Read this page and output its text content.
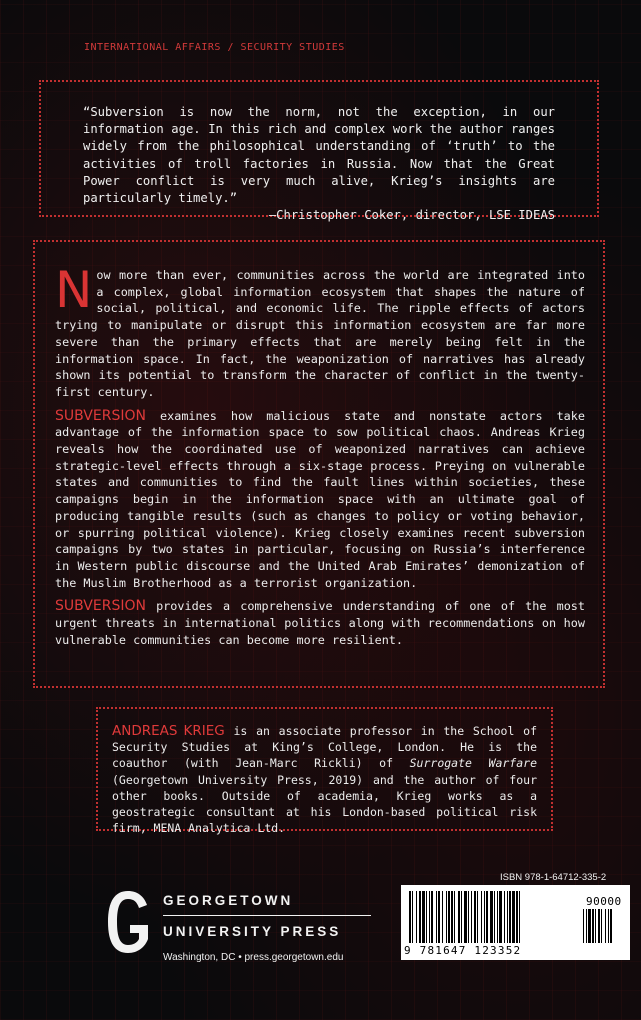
INTERNATIONAL AFFAIRS / SECURITY STUDIES

“Subversion is now the norm, not the exception, in our information age. In this rich and complex work the author ranges widely from the philosophical understanding of ‘truth’ to the activities of troll factories in Russia. Now that the Great Power conflict is very much alive, Krieg’s insights are particularly timely.”

—Christopher Coker, director, LSE IDEAS

Now more than ever, communities across the world are integrated into a complex, global information ecosystem that shapes the nature of social, political, and economic life. The ripple effects of actors trying to manipulate or disrupt this information ecosystem are far more severe than the primary effects that are merely being felt in the information space. In fact, the weaponization of narratives has already shown its potential to transform the character of conflict in the twenty-first century.

SUBVERSION examines how malicious state and nonstate actors take advantage of the information space to sow political chaos. Andreas Krieg reveals how the coordinated use of weaponized narratives can achieve strategic-level effects through a six-stage process. Preying on vulnerable states and communities to find the fault lines within societies, these campaigns begin in the information space with an ultimate goal of producing tangible results (such as changes to policy or voting behavior, or spurring political violence). Krieg closely examines recent subversion campaigns by two states in particular, focusing on Russia’s interference in Western public discourse and the United Arab Emirates’ demonization of the Muslim Brotherhood as a terrorist organization.

SUBVERSION provides a comprehensive understanding of one of the most urgent threats in international politics along with recommendations on how vulnerable communities can become more resilient.

ANDREAS KRIEG is an associate professor in the School of Security Studies at King’s College, London. He is the coauthor (with Jean-Marc Rickli) of Surrogate Warfare (Georgetown University Press, 2019) and the author of four other books. Outside of academia, Krieg works as a geostrategic consultant at his London-based political risk firm, MENA Analytica Ltd.

GEORGETOWN
UNIVERSITY PRESS
Washington, DC • press.georgetown.edu
ISBN 978-1-64712-335-2
9 781647 123352
90000
